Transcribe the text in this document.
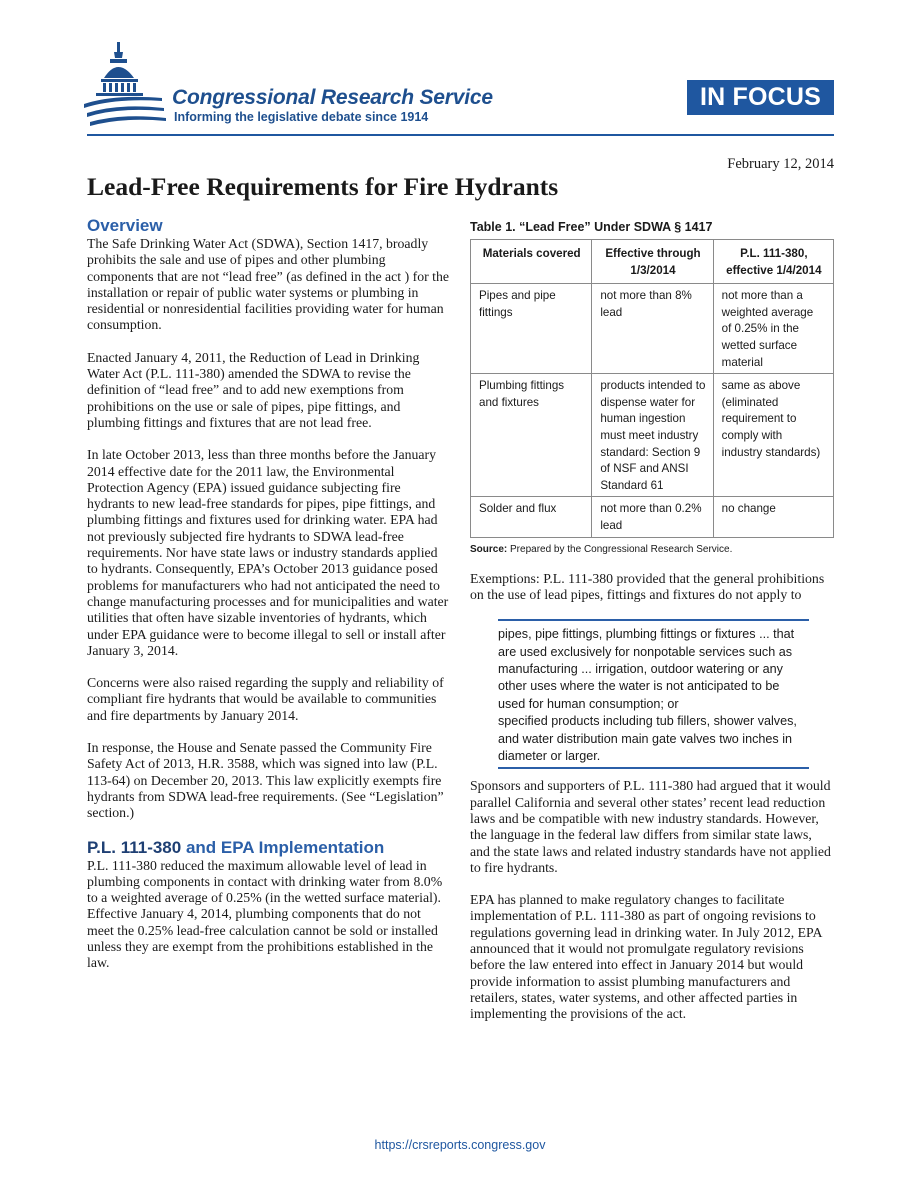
Congressional Research Service
Informing the legislative debate since 1914
IN FOCUS
February 12, 2014
Lead-Free Requirements for Fire Hydrants
Overview

The Safe Drinking Water Act (SDWA), Section 1417, broadly prohibits the sale and use of pipes and other plumbing components that are not “lead free” (as defined in the act ) for the installation or repair of public water systems or plumbing in residential or nonresidential facilities providing water for human consumption.

Enacted January 4, 2011, the Reduction of Lead in Drinking Water Act (P.L. 111-380) amended the SDWA to revise the definition of “lead free” and to add new exemptions from prohibitions on the use or sale of pipes, pipe fittings, and plumbing fittings and fixtures that are not lead free.

In late October 2013, less than three months before the January 2014 effective date for the 2011 law, the Environmental Protection Agency (EPA) issued guidance subjecting fire hydrants to new lead-free standards for pipes, pipe fittings, and plumbing fittings and fixtures used for drinking water. EPA had not previously subjected fire hydrants to SDWA lead-free requirements. Nor have state laws or industry standards applied to hydrants. Consequently, EPA’s October 2013 guidance posed problems for manufacturers who had not anticipated the need to change manufacturing processes and for municipalities and water utilities that often have sizable inventories of hydrants, which under EPA guidance were to become illegal to sell or install after January 3, 2014.

Concerns were also raised regarding the supply and reliability of compliant fire hydrants that would be available to communities and fire departments by January 2014.

In response, the House and Senate passed the Community Fire Safety Act of 2013, H.R. 3588, which was signed into law (P.L. 113-64) on December 20, 2013. This law explicitly exempts fire hydrants from SDWA lead-free requirements. (See “Legislation” section.)

P.L. 111-380 and EPA Implementation

P.L. 111-380 reduced the maximum allowable level of lead in plumbing components in contact with drinking water from 8.0% to a weighted average of 0.25% (in the wetted surface material). Effective January 4, 2014, plumbing components that do not meet the 0.25% lead-free calculation cannot be sold or installed unless they are exempt from the prohibitions established in the law.

Table 1. “Lead Free” Under SDWA § 1417
Materials covered	Effective through 1/3/2014	P.L. 111-380, effective 1/4/2014
Pipes and pipe fittings	not more than 8% lead	not more than a weighted average of 0.25% in the wetted surface material
Plumbing fittings and fixtures	products intended to dispense water for human ingestion must meet industry standard: Section 9 of NSF and ANSI Standard 61	same as above (eliminated requirement to comply with industry standards)
Solder and flux	not more than 0.2% lead	no change
Source: Prepared by the Congressional Research Service.

Exemptions: P.L. 111-380 provided that the general prohibitions on the use of lead pipes, fittings and fixtures do not apply to

pipes, pipe fittings, plumbing fittings or fixtures ... that are used exclusively for nonpotable services such as manufacturing ... irrigation, outdoor watering or any other uses where the water is not anticipated to be used for human consumption; or
specified products including tub fillers, shower valves, and water distribution main gate valves two inches in diameter or larger.

Sponsors and supporters of P.L. 111-380 had argued that it would parallel California and several other states’ recent lead reduction laws and be compatible with new industry standards. However, the language in the federal law differs from similar state laws, and the state laws and related industry standards have not applied to fire hydrants.

EPA has planned to make regulatory changes to facilitate implementation of P.L. 111-380 as part of ongoing revisions to regulations governing lead in drinking water. In July 2012, EPA announced that it would not promulgate regulatory revisions before the law entered into effect in January 2014 but would provide information to assist plumbing manufacturers and retailers, states, water systems, and other affected parties in implementing the provisions of the act.

https://crsreports.congress.gov
